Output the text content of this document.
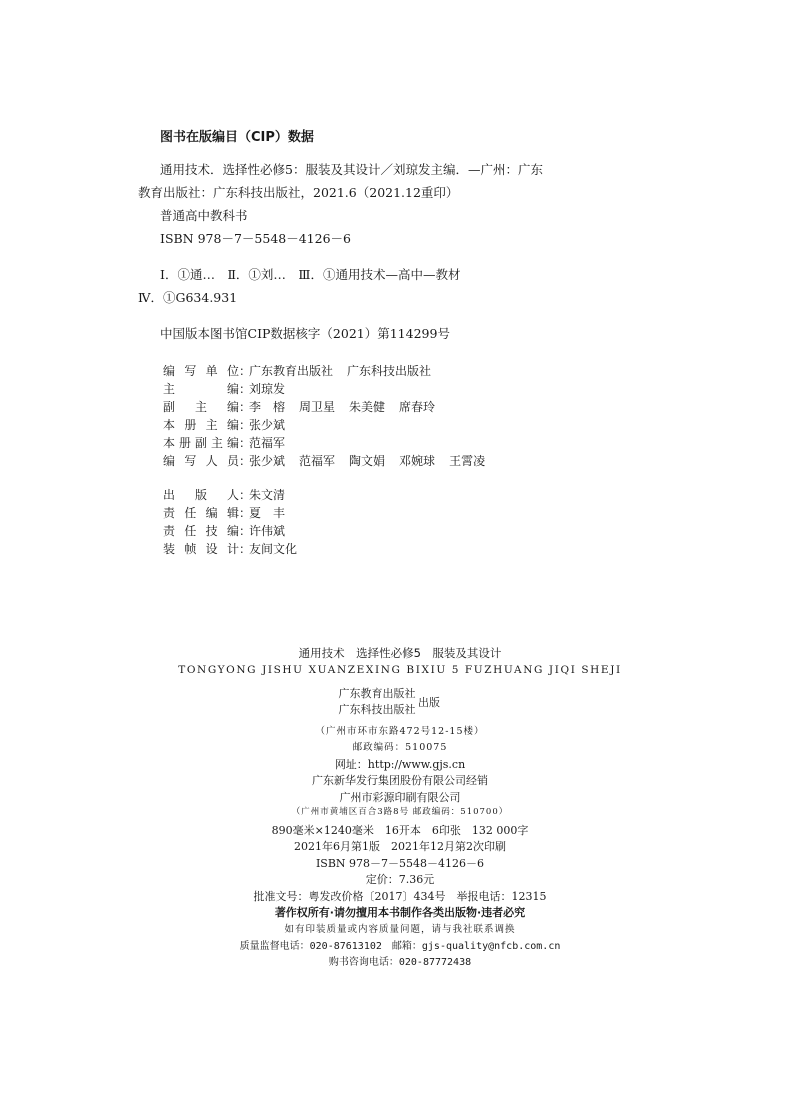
图书在版编目（CIP）数据
通用技术．选择性必修5：服装及其设计／刘琼发主编．—广州：广东
教育出版社：广东科技出版社，2021.6（2021.12重印）
普通高中教科书
ISBN 978－7－5548－4126－6
Ⅰ．①通…　Ⅱ．①刘…　Ⅲ．①通用技术—高中—教材
Ⅳ．①G634.931
中国版本图书馆CIP数据核字（2021）第114299号
编写单位：广东教育出版社 广东科技出版社
主编：刘琼发
副主编：李　榕 周卫星 朱美健 席春玲
本册主编：张少斌
本册副主编：范福军
编写人员：张少斌 范福军 陶文娟 邓婉球 王霄凌
出版人：朱文清
责任编辑：夏　丰
责任技编：许伟斌
装帧设计：友间文化
通用技术　选择性必修5　服装及其设计
TONGYONG JISHU XUANZEXING BIXIU 5 FUZHUANG JIQI SHEJI
广东教育出版社
广东科技出版社
出版
（广州市环市东路472号12-15楼）
邮政编码：510075
网址：http://www.gjs.cn
广东新华发行集团股份有限公司经销
广州市彩源印刷有限公司
（广州市黄埔区百合3路8号 邮政编码：510700）
890毫米×1240毫米　16开本　6印张　132 000字
2021年6月第1版　2021年12月第2次印刷
ISBN 978－7－5548－4126－6
定价：7.36元
批准文号：粤发改价格〔2017〕434号　举报电话：12315
著作权所有·请勿擅用本书制作各类出版物·违者必究
如有印装质量或内容质量问题，请与我社联系调换
质量监督电话：020-87613102　邮箱：gjs-quality@nfcb.com.cn
购书咨询电话：020-87772438
